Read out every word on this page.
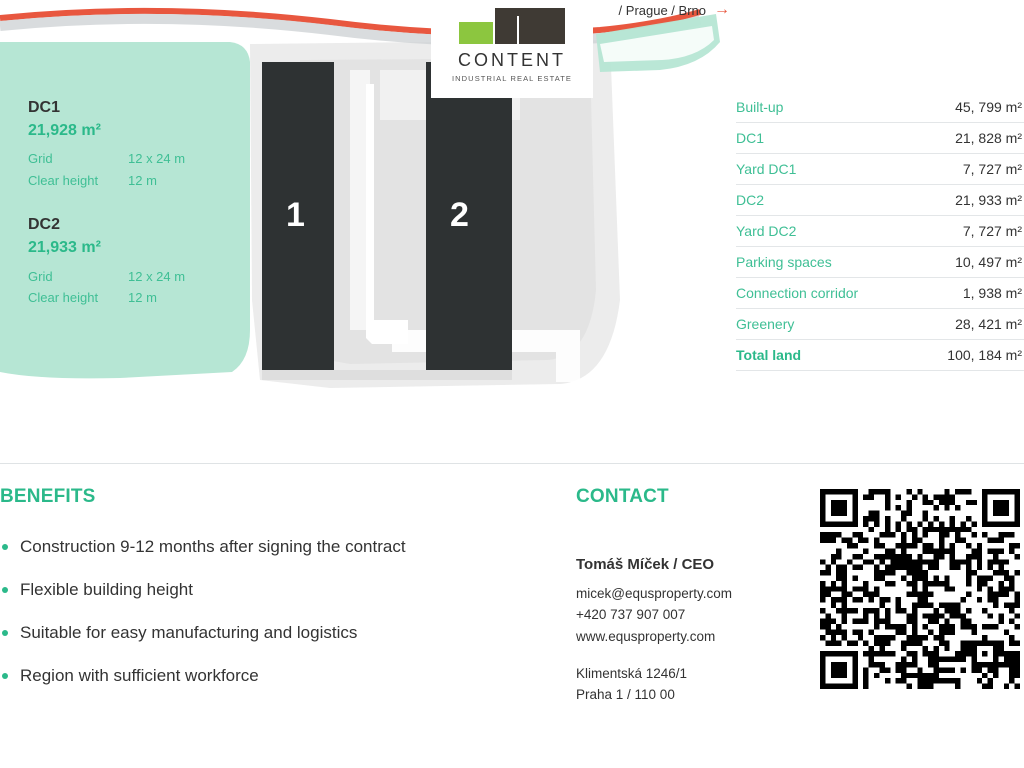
DC1
21,928 m²
Grid	12 x 24 m
Clear height	12 m
DC2
21,933 m²
Grid	12 x 24 m
Clear height	12 m
1	2
/ Prague / Brno →
CONTENT
INDUSTRIAL REAL ESTATE
Built-up	45, 799 m²
DC1	21, 828 m²
Yard DC1	7, 727 m²
DC2	21, 933 m²
Yard DC2	7, 727 m²
Parking spaces	10, 497 m²
Connection corridor	1, 938 m²
Greenery	28, 421 m²
Total land	100, 184 m²
BENEFITS
Construction 9-12 months after signing the contract
Flexible building height
Suitable for easy manufacturing and logistics
Region with sufficient workforce
CONTACT
Tomáš Míček / CEO
micek@equsproperty.com
+420 737 907 007
www.equsproperty.com
Klimentská 1246/1
Praha 1 / 110 00
